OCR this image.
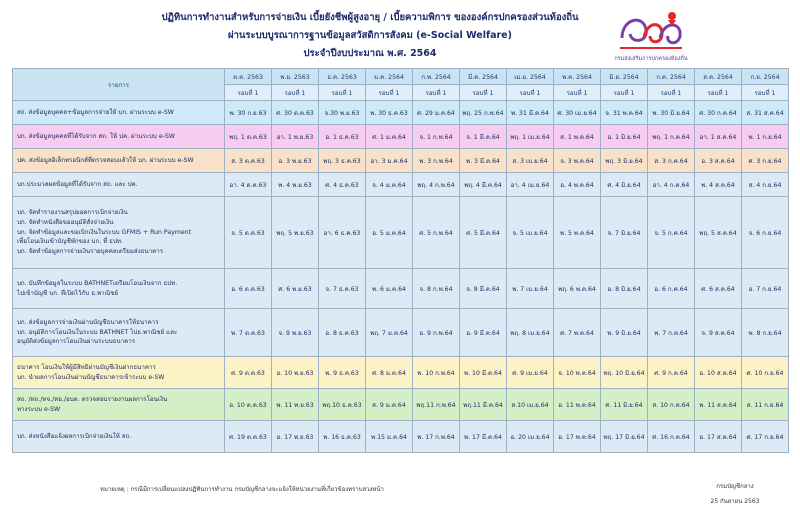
ปฏิทินการทำงานสำหรับการจ่ายเงิน เบี้ยยังชีพผู้สูงอายุ / เบี้ยความพิการ ขององค์กรปกครองส่วนท้องถิ่น
ผ่านระบบบูรณาการฐานข้อมูลสวัสดิการสังคม (e-Social Welfare)
ประจำปีงบประมาณ พ.ศ. 2564	กรมส่งเสริมการปกครองท้องถิ่น
รายการ	ต.ค. 2563	พ.ย. 2563	ธ.ค. 2563	ม.ค. 2564	ก.พ. 2564	มี.ค. 2564	เม.ย. 2564	พ.ค. 2564	มิ.ย. 2564	ก.ค. 2564	ส.ค. 2564	ก.ย. 2564
	รอบที่ 1	รอบที่ 1	รอบที่ 1	รอบที่ 1	รอบที่ 1	รอบที่ 1	รอบที่ 1	รอบที่ 1	รอบที่ 1	รอบที่ 1	รอบที่ 1	รอบที่ 1

สถ. ส่งข้อมูลบุคคล+ข้อมูลการจ่ายให้ บก. ผ่านระบบ e-SW	พ. 30 ก.ย.63	ศ. 30 ต.ค.63	จ.30 พ.ย.63	พ. 30 ธ.ค.63	ศ. 29 ม.ค.64	พฤ. 25 ก.พ.64	พ. 31 มี.ค.64	ศ. 30 เม.ย.64	จ. 31 พ.ค.64	พ. 30 มิ.ย.64	ศ. 30 ก.ค.64	ส. 31 ส.ค.64

บก. ส่งข้อมูลบุคคลที่ได้รับจาก สถ. ให้ ปค. ผ่านระบบ e-SW	พฤ. 1 ต.ค.63	อา. 1 พ.ย.63	อ. 1 ธ.ค.63	ศ. 1 ม.ค.64	จ. 1 ก.พ.64	จ. 1 มี.ค.64	พฤ. 1 เม.ย.64	ส. 1 พ.ค.64	อ. 1 มิ.ย.64	พฤ. 1 ก.ค.64	อา. 1 ส.ค.64	พ. 1 ก.ย.64

ปค. ส่งข้อมูลอิเล็กทรอนิกส์ที่ตรวจสอบแล้วให้ บก. ผ่านระบบ e-SW	ส. 3 ต.ค.63	อ. 3 พ.ย.63	พฤ. 3 ธ.ค.63	อา. 3 ม.ค.64	พ. 3 ก.พ.64	พ. 3 มี.ค.64	ส. 3 เม.ย.64	จ. 3 พ.ค.64	พฤ. 3 มิ.ย.64	ส. 3 ก.ค.64	อ. 3 ส.ค.64	ศ. 3 ก.ย.64

บก.ประมวลผลข้อมูลที่ได้รับจาก สถ. และ ปค.	อา. 4 ต.ค.63	พ. 4 พ.ย.63	ศ. 4 ธ.ค.63	จ. 4 ม.ค.64	พฤ. 4 ก.พ.64	พฤ. 4 มี.ค.64	อา. 4 เม.ย.64	อ. 4 พ.ค.64	ศ. 4 มิ.ย.64	อา. 4 ก.ค.64	พ. 4 ส.ค.64	ส. 4 ก.ย.64

บก. จัดทำรายงานสรุปยอดการเบิกจ่ายเงิน
บก. จัดทำหนังสือขออนุมัติสั่งจ่ายเงิน
บก. จัดทำข้อมูลและขอเบิกเงินในระบบ GFMIS + Run Payment
เพื่อโอนเงินเข้าบัญชีพักของ บก. ที่ ธปท.
บก. จัดทำข้อมูลการจ่ายเงินรายบุคคลเตรียมส่งธนาคาร	จ. 5 ต.ค.63	พฤ. 5 พ.ย.63	อา. 6 ธ.ค.63	อ. 5 ม.ค.64	ศ. 5 ก.พ.64	ศ. 5 มี.ค.64	จ. 5 เม.ย.64	พ. 5 พ.ค.64	จ. 7 มิ.ย.64	จ. 5 ก.ค.64	พฤ. 5 ส.ค.64	จ. 6 ก.ย.64

บก. บันทึกข้อมูลในระบบ BATHNETเตรียมโอนเงินจาก ธปท.
ไปเข้าบัญชี บก. ที่เปิดไว้กับ ธ.พาณิชย์	อ. 6 ต.ค.63	ศ. 6 พ.ย.63	จ. 7 ธ.ค.63	พ. 6 ม.ค.64	จ. 8 ก.พ.64	จ. 8 มี.ค.64	พ. 7 เม.ย.64	พฤ. 6 พ.ค.64	อ. 8 มิ.ย.64	อ. 6 ก.ค.64	ศ. 6 ส.ค.64	อ. 7 ก.ย.64

บก. ส่งข้อมูลการจ่ายเงินผ่านบัญชีธนาคารให้ธนาคาร
บก. อนุมัติการโอนเงินในระบบ BATHNET ไปธ.พาณิชย์ และ
อนุมัติส่งข้อมูลการโอนเงินผ่านระบบธนาคาร	พ. 7 ต.ค.63	จ. 9 พ.ย.63	อ. 8 ธ.ค.63	พฤ. 7 ม.ค.64	อ. 9 ก.พ.64	อ. 9 มี.ค.64	พฤ. 8 เม.ย.64	ศ. 7 พ.ค.64	พ. 9 มิ.ย.64	พ. 7 ก.ค.64	จ. 9 ส.ค.64	พ. 8 ก.ย.64

ธนาคาร โอนเงินให้ผู้มีสิทธิผ่านบัญชีเงินฝากธนาคาร
บก. นำผลการโอนเงินผ่านบัญชีธนาคารเข้าระบบ e-SW	ศ. 9 ต.ค.63	อ. 10 พ.ย.63	พ. 9 ธ.ค.63	ศ. 8 ม.ค.64	พ. 10 ก.พ.64	พ. 10 มี.ค.64	ศ. 9 เม.ย.64	จ. 10 พ.ค.64	พฤ. 10 มิ.ย.64	ศ. 9 ก.ค.64	อ. 10 ส.ค.64	ศ. 10 ก.ย.64

สถ. /ทถ./ทจ./ทอ./อบต. ตรวจสอบรายงานผลการโอนเงิน
ทางระบบ e-SW	อ. 10 ต.ค.63	พ. 11 พ.ย.63	พฤ.10 ธ.ค.63	ส. 9 ม.ค.64	พฤ.11 ก.พ.64	พฤ.11 มี.ค.64	ส.10 เม.ย.64	อ. 11 พ.ค.64	ศ. 11 มิ.ย.64	ส. 10 ก.ค.64	พ. 11 ส.ค.64	ส. 11 ก.ย.64

บก. ส่งหนังสือแจ้งผลการเบิกจ่ายเงินให้ สถ.	ศ. 19 ต.ค.63	อ. 17 พ.ย.63	พ. 16 ธ.ค.63	พ.15 ม.ค.64	พ. 17 ก.พ.64	พ. 17 มี.ค.64	อ. 20 เม.ย.64	อ. 17 พ.ค.64	พฤ. 17 มิ.ย.64	ศ. 16 ก.ค.64	อ. 17 ส.ค.64	ศ. 17 ก.ย.64
หมายเหตุ : กรณีมีการเปลี่ยนแปลงปฏิทินการทำงาน กรมบัญชีกลางจะแจ้งให้หน่วยงานที่เกี่ยวข้องทราบล่วงหน้า	กรมบัญชีกลาง
25 กันยายน 2563
